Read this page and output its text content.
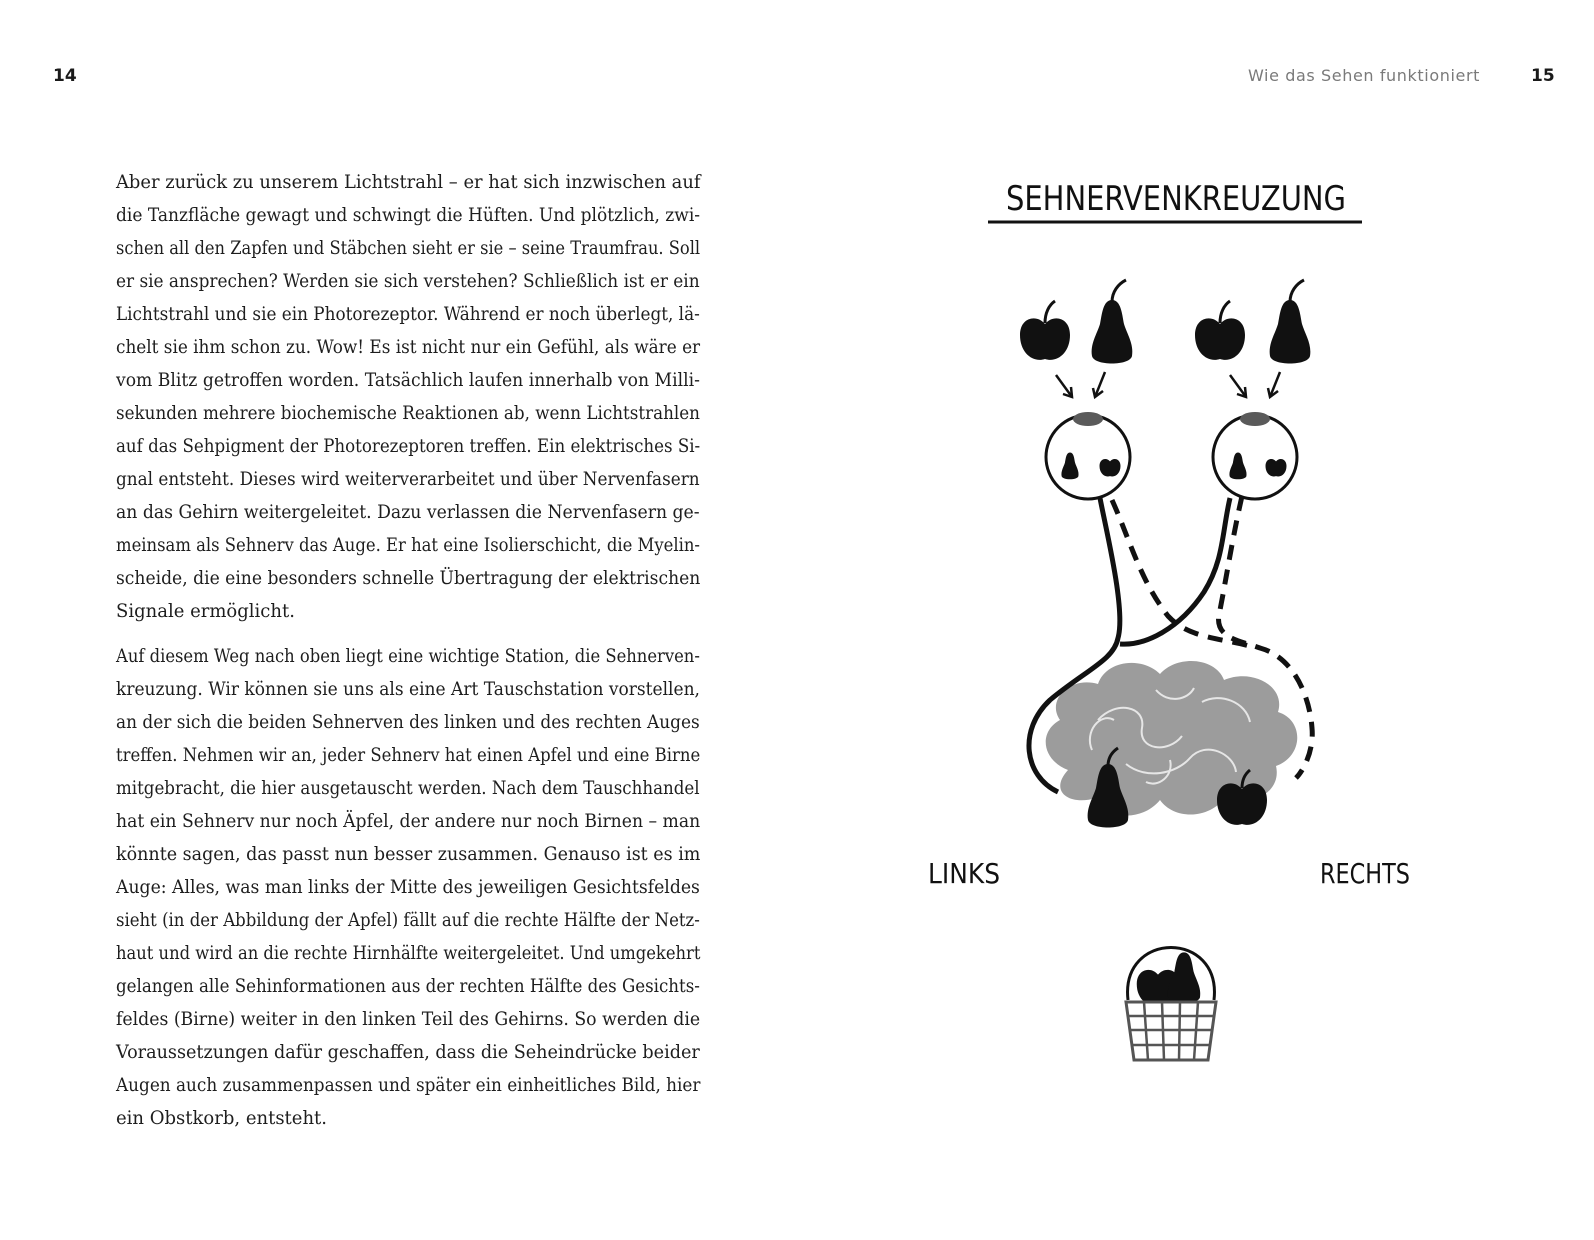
14	Wie das Sehen funktioniert	15

Aber zurück zu unserem Lichtstrahl – er hat sich inzwischen auf
die Tanzfläche gewagt und schwingt die Hüften. Und plötzlich, zwi-
schen all den Zapfen und Stäbchen sieht er sie – seine Traumfrau. Soll
er sie ansprechen? Werden sie sich verstehen? Schließlich ist er ein
Lichtstrahl und sie ein Photorezeptor. Während er noch überlegt, lä-
chelt sie ihm schon zu. Wow! Es ist nicht nur ein Gefühl, als wäre er
vom Blitz getroffen worden. Tatsächlich laufen innerhalb von Milli-
sekunden mehrere biochemische Reaktionen ab, wenn Lichtstrahlen
auf das Sehpigment der Photorezeptoren treffen. Ein elektrisches Si-
gnal entsteht. Dieses wird weiterverarbeitet und über Nervenfasern
an das Gehirn weitergeleitet. Dazu verlassen die Nervenfasern ge-
meinsam als Sehnerv das Auge. Er hat eine Isolierschicht, die Myelin-
scheide, die eine besonders schnelle Übertragung der elektrischen
Signale ermöglicht.

Auf diesem Weg nach oben liegt eine wichtige Station, die Sehnerven-
kreuzung. Wir können sie uns als eine Art Tauschstation vorstellen,
an der sich die beiden Sehnerven des linken und des rechten Auges
treffen. Nehmen wir an, jeder Sehnerv hat einen Apfel und eine Birne
mitgebracht, die hier ausgetauscht werden. Nach dem Tauschhandel
hat ein Sehnerv nur noch Äpfel, der andere nur noch Birnen – man
könnte sagen, das passt nun besser zusammen. Genauso ist es im
Auge: Alles, was man links der Mitte des jeweiligen Gesichtsfeldes
sieht (in der Abbildung der Apfel) fällt auf die rechte Hälfte der Netz-
haut und wird an die rechte Hirnhälfte weitergeleitet. Und umgekehrt
gelangen alle Sehinformationen aus der rechten Hälfte des Gesichts-
feldes (Birne) weiter in den linken Teil des Gehirns. So werden die
Voraussetzungen dafür geschaffen, dass die Seheindrücke beider
Augen auch zusammenpassen und später ein einheitliches Bild, hier
ein Obstkorb, entsteht.

SEHNERVENKREUZUNG
LINKS	RECHTS
